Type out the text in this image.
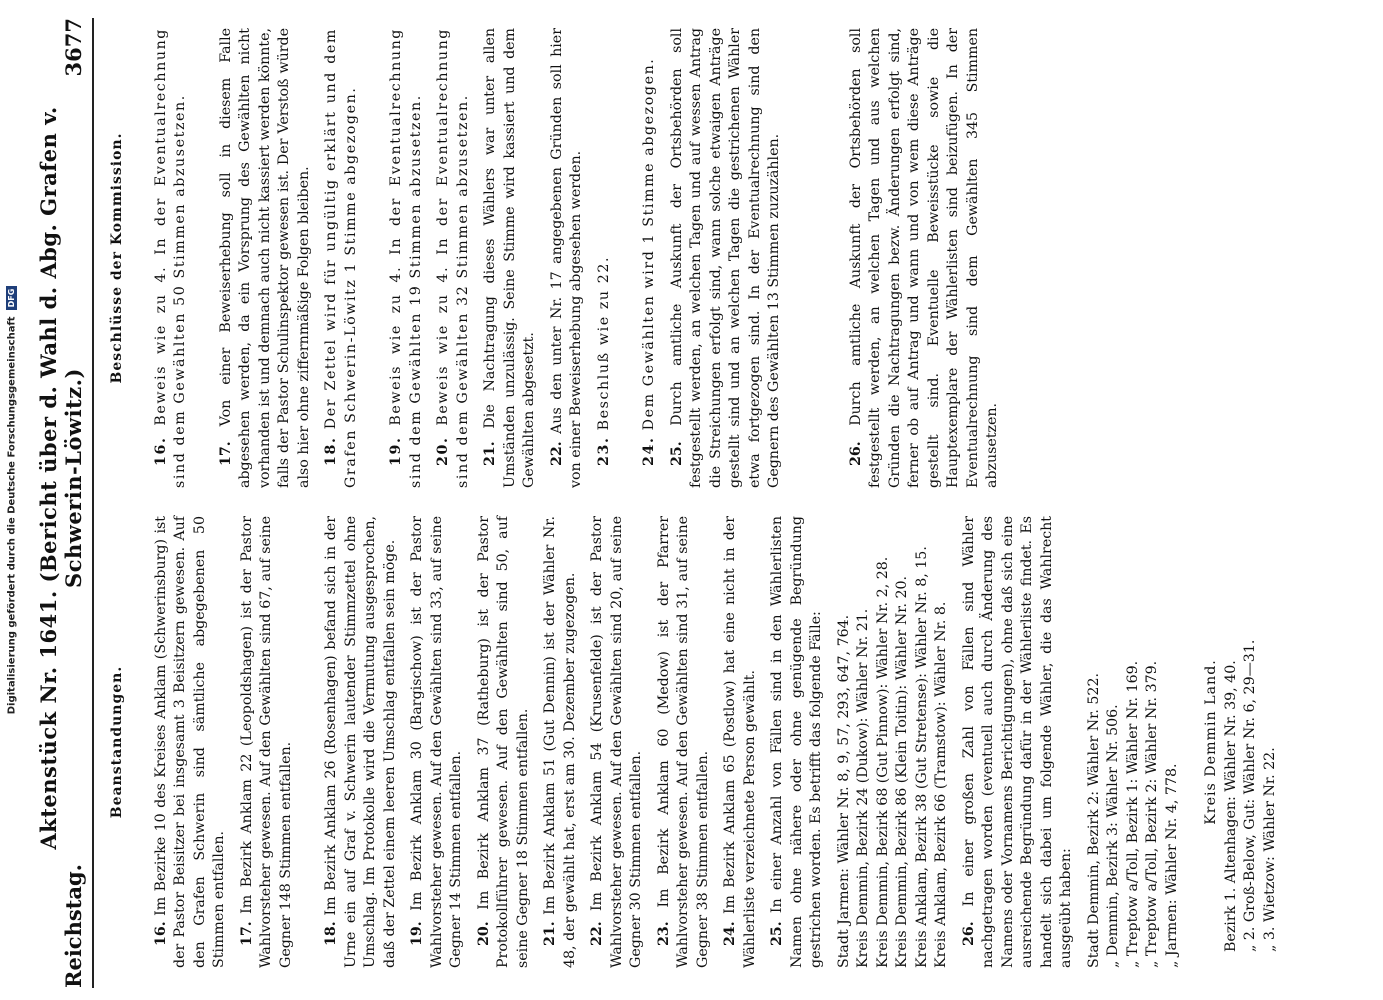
Digitalisierung gefördert durch die Deutsche ForschungsgemeinschaftDFG
Reichstag.
Aktenstück Nr. 1641. (Bericht über d. Wahl d. Abg. Grafen v. Schwerin-Löwitz.)
3677
Beanstandungen.

16. Im Bezirke 10 des Kreises Anklam (Schwerinsburg) ist der Pastor Beisitzer bei insgesamt 3 Beisitzern gewesen. Auf den Grafen Schwerin sind sämtliche abgegebenen 50 Stimmen entfallen. 17. Im Bezirk Anklam 22 (Leopoldshagen) ist der Pastor Wahlvorsteher gewesen. Auf den Gewählten sind 67, auf seine Gegner 148 Stimmen entfallen. 18. Im Bezirk Anklam 26 (Rosenhagen) befand sich in der Urne ein auf Graf v. Schwerin lautender Stimmzettel ohne Umschlag. Im Protokolle wird die Vermutung ausgesprochen, daß der Zettel einem leeren Umschlag entfallen sein möge. 19. Im Bezirk Anklam 30 (Bargischow) ist der Pastor Wahlvorsteher gewesen. Auf den Gewählten sind 33, auf seine Gegner 14 Stimmen entfallen. 20. Im Bezirk Anklam 37 (Ratheburg) ist der Pastor Protokollführer gewesen. Auf den Gewählten sind 50, auf seine Gegner 18 Stimmen entfallen. 21. Im Bezirk Anklam 51 (Gut Dennin) ist der Wähler Nr. 48, der gewählt hat, erst am 30. Dezember zugezogen. 22. Im Bezirk Anklam 54 (Krusenfelde) ist der Pastor Wahlvorsteher gewesen. Auf den Gewählten sind 20, auf seine Gegner 30 Stimmen entfallen. 23. Im Bezirk Anklam 60 (Medow) ist der Pfarrer Wahlvorsteher gewesen. Auf den Gewählten sind 31, auf seine Gegner 38 Stimmen entfallen. 24. Im Bezirk Anklam 65 (Postlow) hat eine nicht in der Wählerliste verzeichnete Person gewählt. 25. In einer Anzahl von Fällen sind in den Wählerlisten Namen ohne nähere oder ohne genügende Begründung gestrichen worden. Es betrifft das folgende Fälle: Stadt Jarmen: Wähler Nr. 8, 9, 57, 293, 647, 764. Kreis Demmin, Bezirk 24 (Dukow): Wähler Nr. 21. Kreis Demmin, Bezirk 68 (Gut Pinnow): Wähler Nr. 2, 28. Kreis Demmin, Bezirk 86 (Klein Toitin): Wähler Nr. 20. Kreis Anklam, Bezirk 38 (Gut Stretense): Wähler Nr. 8, 15. Kreis Anklam, Bezirk 66 (Tramstow): Wähler Nr. 8. 26. In einer großen Zahl von Fällen sind Wähler nachgetragen worden (eventuell auch durch Änderung des Namens oder Vornamens Berichtigungen), ohne daß sich eine ausreichende Begründung dafür in der Wählerliste findet. Es handelt sich dabei um folgende Wähler, die das Wahlrecht ausgeübt haben: Stadt Demmin, Bezirk 2: Wähler Nr. 522. „ Demmin, Bezirk 3: Wähler Nr. 506. „ Treptow a/Toll, Bezirk 1: Wähler Nr. 169. „ Treptow a/Toll, Bezirk 2: Wähler Nr. 379. „ Jarmen: Wähler Nr. 4, 778.

Kreis Demmin Land. Bezirk 1. Altenhagen: Wähler Nr. 39, 40. „ 2. Groß-Below, Gut: Wähler Nr. 6, 29—31. „ 3. Wietzow: Wähler Nr. 22.

Beschlüsse der Kommission.

16. Beweis wie zu 4. In der Eventualrechnung sind dem Gewählten 50 Stimmen abzusetzen. 17. Von einer Beweiserhebung soll in diesem Falle abgesehen werden, da ein Vorsprung des Gewählten nicht vorhanden ist und demnach auch nicht kassiert werden könnte, falls der Pastor Schulinspektor gewesen ist. Der Verstoß würde also hier ohne ziffernmäßige Folgen bleiben. 18. Der Zettel wird für ungültig erklärt und dem Grafen Schwerin-Löwitz 1 Stimme abgezogen. 19. Beweis wie zu 4. In der Eventualrechnung sind dem Gewählten 19 Stimmen abzusetzen. 20. Beweis wie zu 4. In der Eventualrechnung sind dem Gewählten 32 Stimmen abzusetzen. 21. Die Nachtragung dieses Wählers war unter allen Umständen unzulässig. Seine Stimme wird kassiert und dem Gewählten abgesetzt. 22. Aus den unter Nr. 17 angegebenen Gründen soll hier von einer Beweiserhebung abgesehen werden. 23. Beschluß wie zu 22.

24. Dem Gewählten wird 1 Stimme abgezogen.

25. Durch amtliche Auskunft der Ortsbehörden soll festgestellt werden, an welchen Tagen und auf wessen Antrag die Streichungen erfolgt sind, wann solche etwaigen Anträge gestellt sind und an welchen Tagen die gestrichenen Wähler etwa fortgezogen sind. In der Eventualrechnung sind den Gegnern des Gewählten 13 Stimmen zuzuzählen.	26. Durch amtliche Auskunft der Ortsbehörden soll festgestellt werden, an welchen Tagen und aus welchen Gründen die Nachtragungen bezw. Änderungen erfolgt sind, ferner ob auf Antrag und wann und von wem diese Anträge gestellt sind. Eventuelle Beweisstücke sowie die Hauptexemplare der Wählerlisten sind beizufügen. In der Eventualrechnung sind dem Gewählten 345 Stimmen abzusetzen.
